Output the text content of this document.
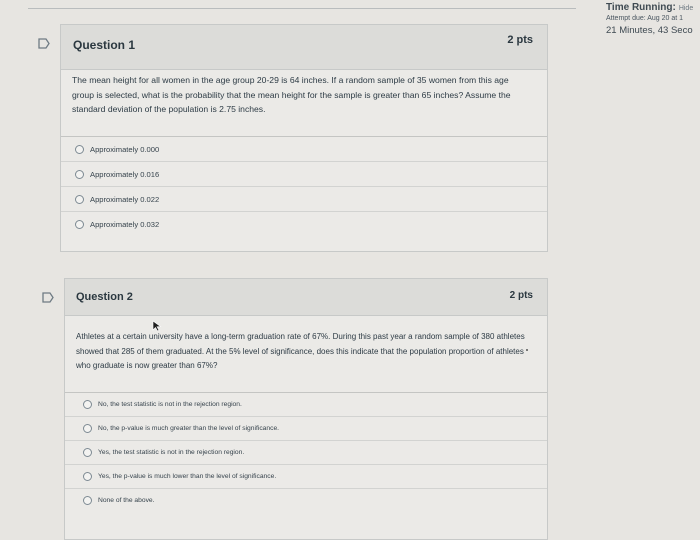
Time Running: Hide
Attempt due: Aug 20 at 1
21 Minutes, 43 Seco
Question 1	2 pts
The mean height for all women in the age group 20-29 is 64 inches. If a random sample of 35 women from this age group is selected, what is the probability that the mean height for the sample is greater than 65 inches? Assume the standard deviation of the population is 2.75 inches.
Approximately 0.000
Approximately 0.016
Approximately 0.022
Approximately 0.032
Question 2	2 pts
Athletes at a certain university have a long-term graduation rate of 67%. During this past year a random sample of 380 athletes showed that 285 of them graduated. At the 5% level of significance, does this indicate that the population proportion of athletes who graduate is now greater than 67%?
No, the test statistic is not in the rejection region.
No, the p-value is much greater than the level of significance.
Yes, the test statistic is not in the rejection region.
Yes, the p-value is much lower than the level of significance.
None of the above.
